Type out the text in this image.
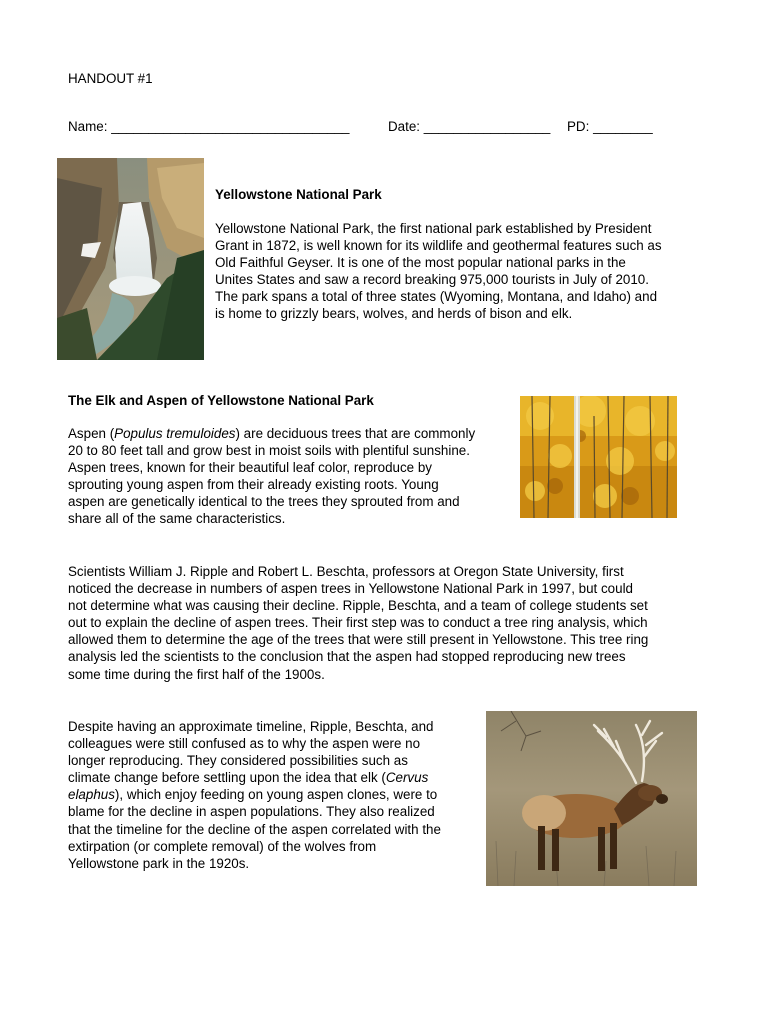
HANDOUT #1
Name: ________________________________	Date: _________________ PD: ________
Yellowstone National Park
Yellowstone National Park, the first national park established by President
Grant in 1872, is well known for its wildlife and geothermal features such as
Old Faithful Geyser. It is one of the most popular national parks in the
Unites States and saw a record breaking 975,000 tourists in July of 2010.
The park spans a total of three states (Wyoming, Montana, and Idaho) and
is home to grizzly bears, wolves, and herds of bison and elk.
The Elk and Aspen of Yellowstone National Park
Aspen (Populus tremuloides) are deciduous trees that are commonly
20 to 80 feet tall and grow best in moist soils with plentiful sunshine.
Aspen trees, known for their beautiful leaf color, reproduce by
sprouting young aspen from their already existing roots. Young
aspen are genetically identical to the trees they sprouted from and
share all of the same characteristics.
Scientists William J. Ripple and Robert L. Beschta, professors at Oregon State University, first
noticed the decrease in numbers of aspen trees in Yellowstone National Park in 1997, but could
not determine what was causing their decline. Ripple, Beschta, and a team of college students set
out to explain the decline of aspen trees. Their first step was to conduct a tree ring analysis, which
allowed them to determine the age of the trees that were still present in Yellowstone. This tree ring
analysis led the scientists to the conclusion that the aspen had stopped reproducing new trees
some time during the first half of the 1900s.
Despite having an approximate timeline, Ripple, Beschta, and
colleagues were still confused as to why the aspen were no
longer reproducing. They considered possibilities such as
climate change before settling upon the idea that elk (Cervus
elaphus), which enjoy feeding on young aspen clones, were to
blame for the decline in aspen populations. They also realized
that the timeline for the decline of the aspen correlated with the
extirpation (or complete removal) of the wolves from
Yellowstone park in the 1920s.
